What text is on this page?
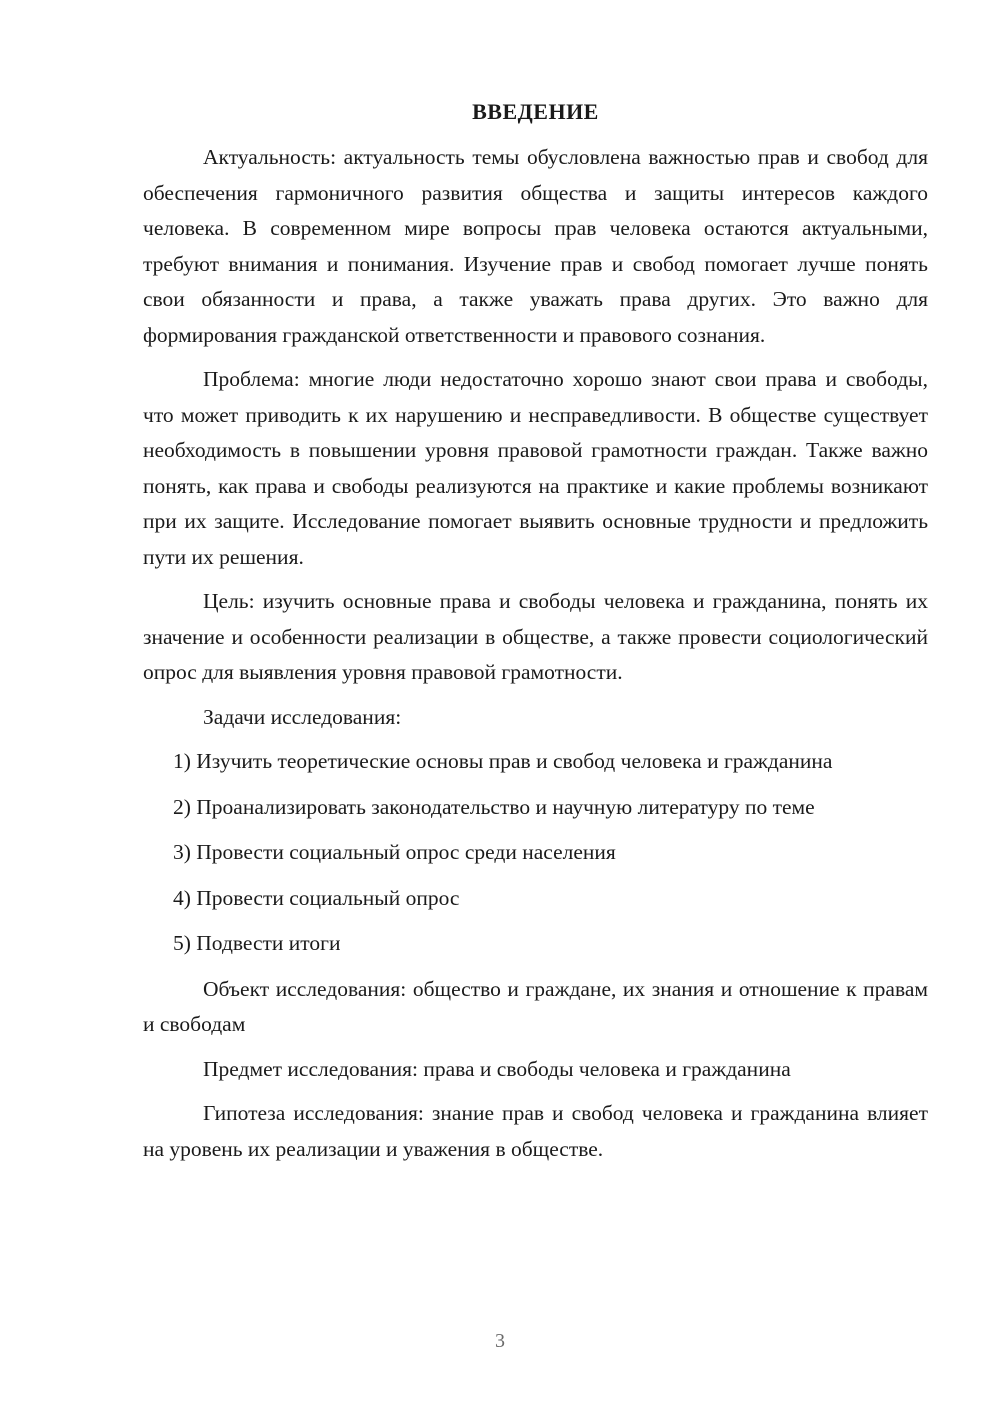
ВВЕДЕНИЕ

Актуальность: актуальность темы обусловлена важностью прав и свобод для обеспечения гармоничного развития общества и защиты интересов каждого человека. В современном мире вопросы прав человека остаются актуальными, требуют внимания и понимания. Изучение прав и свобод помогает лучше понять свои обязанности и права, а также уважать права других. Это важно для формирования гражданской ответственности и правового сознания.

Проблема: многие люди недостаточно хорошо знают свои права и свободы, что может приводить к их нарушению и несправедливости. В обществе существует необходимость в повышении уровня правовой грамотности граждан. Также важно понять, как права и свободы реализуются на практике и какие проблемы возникают при их защите. Исследование помогает выявить основные трудности и предложить пути их решения.

Цель: изучить основные права и свободы человека и гражданина, понять их значение и особенности реализации в обществе, а также провести социологический опрос для выявления уровня правовой грамотности.

Задачи исследования:

1) Изучить теоретические основы прав и свобод человека и гражданина

2) Проанализировать законодательство и научную литературу по теме

3) Провести социальный опрос среди населения

4) Провести социальный опрос

5) Подвести итоги

Объект исследования: общество и граждане, их знания и отношение к правам и свободам

Предмет исследования: права и свободы человека и гражданина

Гипотеза исследования: знание прав и свобод человека и гражданина влияет на уровень их реализации и уважения в обществе.

3
